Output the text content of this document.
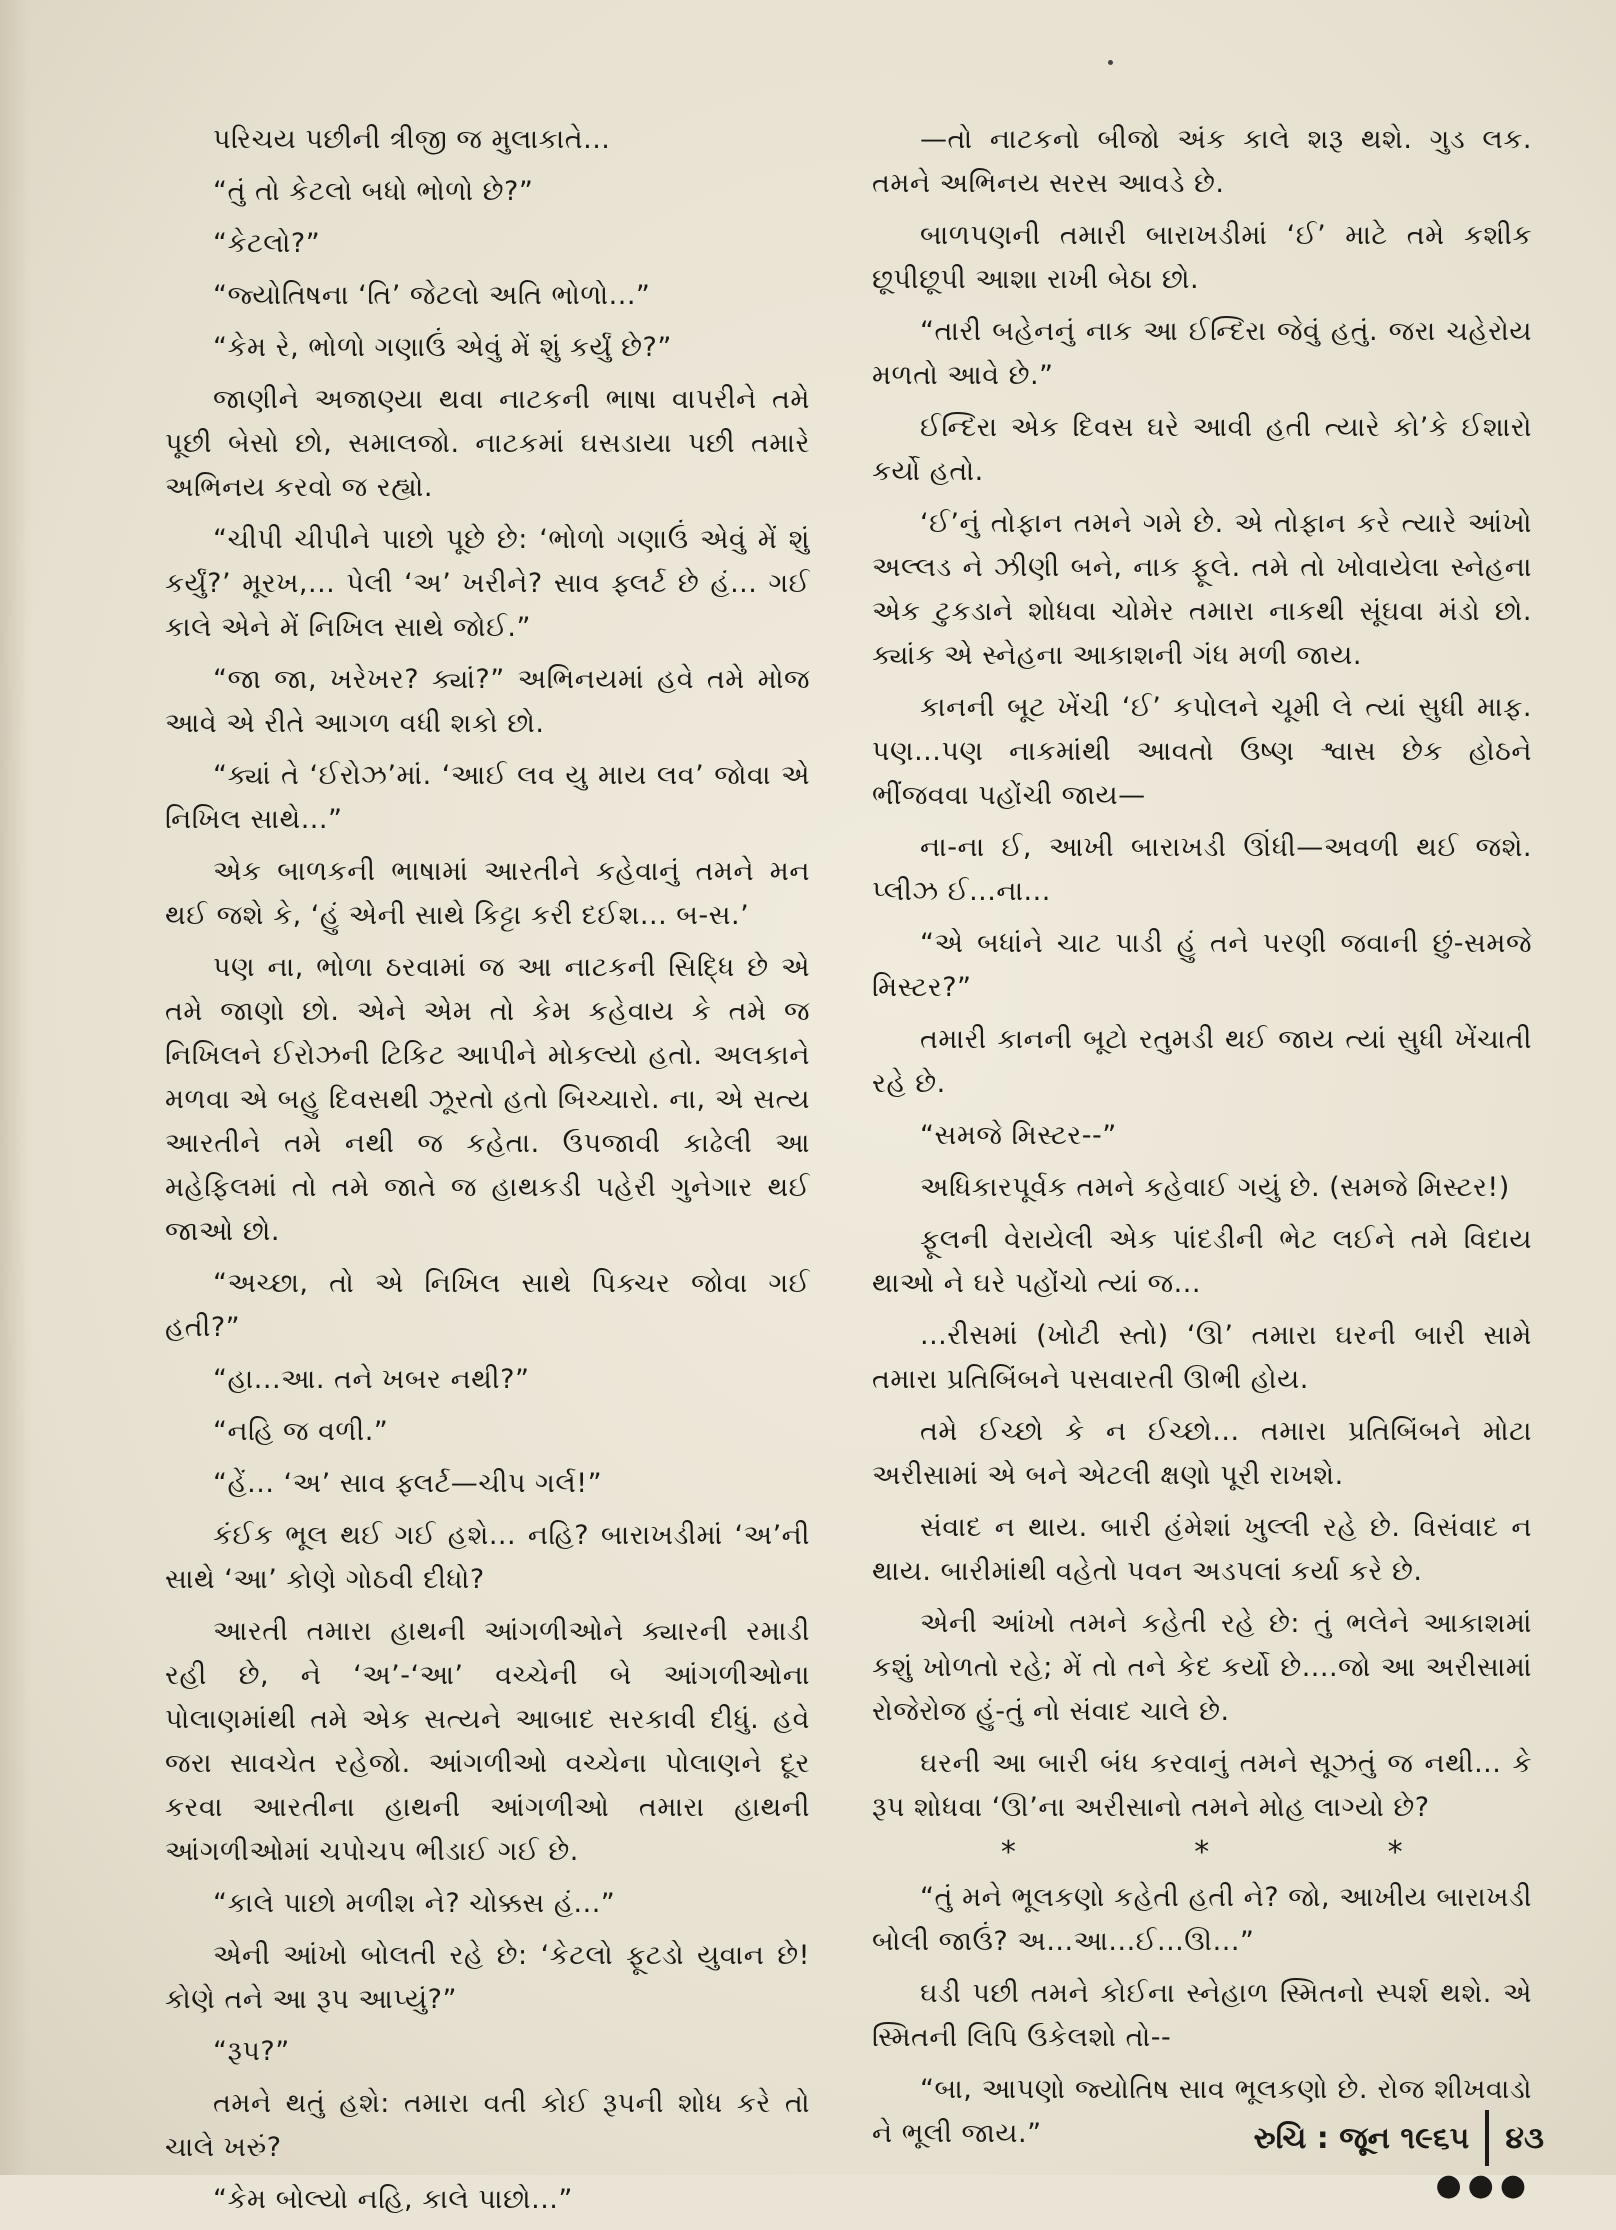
પરિચય પછીની ત્રીજી જ મુલાકાતે...

“તું તો કેટલો બધો ભોળો છે?”

“કેટલો?”

“જ્યોતિષના ‘તિ’ જેટલો અતિ ભોળો...”

“કેમ રે, ભોળો ગણાઉં એવું મેં શું કર્યું છે?”

જાણીને અજાણ્યા થવા નાટકની ભાષા વાપરીને તમે પૂછી બેસો છો, સમાલજો. નાટકમાં ઘસડાયા પછી તમારે અભિનય કરવો જ રહ્યો.

“ચીપી ચીપીને પાછો પૂછે છે: ‘ભોળો ગણાઉં એવું મેં શું કર્યું?’ મૂરખ,... પેલી ‘અ’ ખરીને? સાવ ફ્લર્ટ છે હં... ગઈ કાલે એને મેં નિખિલ સાથે જોઈ.”

“જા જા, ખરેખર? ક્યાં?” અભિનયમાં હવે તમે મોજ આવે એ રીતે આગળ વધી શકો છો.

“ક્યાં તે ‘ઈરોઝ’માં. ‘આઈ લવ યુ માય લવ’ જોવા એ નિખિલ સાથે...”

એક બાળકની ભાષામાં આરતીને કહેવાનું તમને મન થઈ જશે કે, ‘હું એની સાથે કિટ્ટા કરી દઈશ... બ-સ.’

પણ ના, ભોળા ઠરવામાં જ આ નાટકની સિદ્ધિ છે એ તમે જાણો છો. એને એમ તો કેમ કહેવાય કે તમે જ નિખિલને ઈરોઝની ટિકિટ આપીને મોકલ્યો હતો. અલકાને મળવા એ બહુ દિવસથી ઝૂરતો હતો બિચ્ચારો. ના, એ સત્ય આરતીને તમે નથી જ કહેતા. ઉપજાવી કાઢેલી આ મહેફિલમાં તો તમે જાતે જ હાથકડી પહેરી ગુનેગાર થઈ જાઓ છો.

“અચ્છા, તો એ નિખિલ સાથે પિક્ચર જોવા ગઈ હતી?”

“હા...આ. તને ખબર નથી?”

“નહિ જ વળી.”

“હેં... ‘અ’ સાવ ફ્લર્ટ—ચીપ ગર્લ!”

કંઈક ભૂલ થઈ ગઈ હશે... નહિ? બારાખડીમાં ‘અ’ની સાથે ‘આ’ કોણે ગોઠવી દીધો?

આરતી તમારા હાથની આંગળીઓને ક્યારની રમાડી રહી છે, ને ‘અ’-‘આ’ વચ્ચેની બે આંગળીઓના પોલાણમાંથી તમે એક સત્યને આબાદ સરકાવી દીધું. હવે જરા સાવચેત રહેજો. આંગળીઓ વચ્ચેના પોલાણને દૂર કરવા આરતીના હાથની આંગળીઓ તમારા હાથની આંગળીઓમાં ચપોચપ ભીડાઈ ગઈ છે.

“કાલે પાછો મળીશ ને? ચોક્કસ હં...”

એની આંખો બોલતી રહે છે: ‘કેટલો ફૂટડો યુવાન છે! કોણે તને આ રૂપ આપ્યું?”

“રૂપ?”

તમને થતું હશે: તમારા વતી કોઈ રૂપની શોધ કરે તો ચાલે ખરું?

“કેમ બોલ્યો નહિ, કાલે પાછો...”

—તો નાટકનો બીજો અંક કાલે શરૂ થશે. ગુડ લક. તમને અભિનય સરસ આવડે છે.

બાળપણની તમારી બારાખડીમાં ‘ઈ’ માટે તમે કશીક છૂપીછૂપી આશા રાખી બેઠા છો.

“તારી બહેનનું નાક આ ઈન્દિરા જેવું હતું. જરા ચહેરોય મળતો આવે છે.”

ઈન્દિરા એક દિવસ ઘરે આવી હતી ત્યારે કો’કે ઈશારો કર્યો હતો.

‘ઈ’નું તોફાન તમને ગમે છે. એ તોફાન કરે ત્યારે આંખો અલ્લડ ને ઝીણી બને, નાક ફૂલે. તમે તો ખોવાયેલા સ્નેહના એક ટુકડાને શોધવા ચોમેર તમારા નાકથી સૂંઘવા મંડો છો. ક્યાંક એ સ્નેહના આકાશની ગંધ મળી જાય.

કાનની બૂટ ખેંચી ‘ઈ’ કપોલને ચૂમી લે ત્યાં સુધી માફ. પણ...પણ નાકમાંથી આવતો ઉષ્ણ શ્વાસ છેક હોઠને ભીંજવવા પહોંચી જાય—

ના-ના ઈ, આખી બારાખડી ઊંધી—અવળી થઈ જશે. પ્લીઝ ઈ...ના...

“એ બધાંને ચાટ પાડી હું તને પરણી જવાની છું-સમજે મિસ્ટર?”

તમારી કાનની બૂટો રતુમડી થઈ જાય ત્યાં સુધી ખેંચાતી રહે છે.

“સમજે મિસ્ટર--”

અધિકારપૂર્વક તમને કહેવાઈ ગયું છે. (સમજે મિસ્ટર!)

ફૂલની વેરાયેલી એક પાંદડીની ભેટ લઈને તમે વિદાય થાઓ ને ઘરે પહોંચો ત્યાં જ...

...રીસમાં (ખોટી સ્તો) ‘ઊ’ તમારા ઘરની બારી સામે તમારા પ્રતિબિંબને પસવારતી ઊભી હોય.

તમે ઈચ્છો કે ન ઈચ્છો... તમારા પ્રતિબિંબને મોટા અરીસામાં એ બને એટલી ક્ષણો પૂરી રાખશે.

સંવાદ ન થાય. બારી હંમેશાં ખુલ્લી રહે છે. વિસંવાદ ન થાય. બારીમાંથી વહેતો પવન અડપલાં કર્યા કરે છે.

એની આંખો તમને કહેતી રહે છે: તું ભલેને આકાશમાં કશું ખોળતો રહે; મેં તો તને કેદ કર્યો છે....જો આ અરીસામાં રોજેરોજ હું-તું નો સંવાદ ચાલે છે.

ઘરની આ બારી બંધ કરવાનું તમને સૂઝતું જ નથી... કે રૂપ શોધવા ‘ઊ’ના અરીસાનો તમને મોહ લાગ્યો છે?

*	*	*

“તું મને ભૂલકણો કહેતી હતી ને? જો, આખીય બારાખડી બોલી જાઉં? અ...આ...ઈ...ઊ...”

ઘડી પછી તમને કોઈના સ્નેહાળ સ્મિતનો સ્પર્શ થશે. એ સ્મિતની લિપિ ઉકેલશો તો--

“બા, આપણો જ્યોતિષ સાવ ભૂલકણો છે. રોજ શીખવાડો ને ભૂલી જાય.”

●●●
રુચિ : જૂન ૧૯૬૫ ૪૩
